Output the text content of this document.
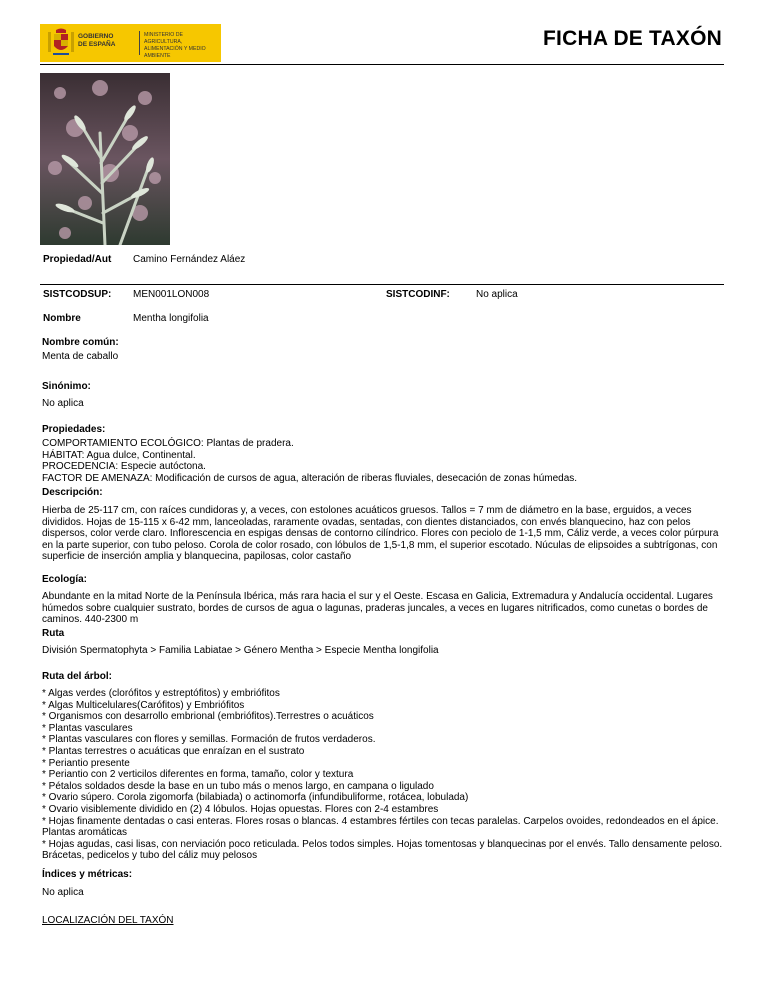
GOBIERNO
DE ESPAÑA
MINISTERIO DE AGRICULTURA, ALIMENTACIÓN Y MEDIO AMBIENTE
FICHA DE TAXÓN
Propiedad/Aut Camino Fernández Aláez
SISTCODSUP: MEN001LON008	SISTCODINF:	No aplica
Nombre	Mentha longifolia
Nombre común:
Menta de caballo
Sinónimo:
No aplica
Propiedades:
COMPORTAMIENTO ECOLÓGICO: Plantas de pradera.
HÁBITAT: Agua dulce, Continental.
PROCEDENCIA: Especie autóctona.
FACTOR DE AMENAZA: Modificación de cursos de agua, alteración de riberas fluviales, desecación de zonas húmedas.
Descripción:
Hierba de 25-117 cm, con raíces cundidoras y, a veces, con estolones acuáticos gruesos. Tallos = 7 mm de diámetro en la base, erguidos, a veces divididos. Hojas de 15-115 x 6-42 mm, lanceoladas, raramente ovadas, sentadas, con dientes distanciados, con envés blanquecino, haz con pelos dispersos, color verde claro. Inflorescencia en espigas densas de contorno cilíndrico. Flores con peciolo de 1-1,5 mm, Cáliz verde, a veces color púrpura en la parte superior, con tubo peloso. Corola de color rosado, con lóbulos de 1,5-1,8 mm, el superior escotado. Núculas de elipsoides a subtrígonas, con superficie de inserción amplia y blanquecina, papilosas, color castaño
Ecología:
Abundante en la mitad Norte de la Península Ibérica, más rara hacia el sur y el Oeste. Escasa en Galicia, Extremadura y Andalucía occidental. Lugares húmedos sobre cualquier sustrato, bordes de cursos de agua o lagunas, praderas juncales, a veces en lugares nitrificados, como cunetas o bordes de caminos. 440-2300 m
Ruta
División Spermatophyta > Familia Labiatae > Género Mentha > Especie Mentha longifolia
Ruta del árbol:
* Algas verdes (clorófitos y estreptófitos) y embriófitos
* Algas Multicelulares(Carófitos) y Embriófitos
* Organismos con desarrollo embrional (embriófitos).Terrestres o acuáticos
* Plantas vasculares
* Plantas vasculares con flores y semillas. Formación de frutos verdaderos.
* Plantas terrestres o acuáticas que enraízan en el sustrato
* Periantio presente
* Periantio con 2 verticilos diferentes en forma, tamaño, color y textura
* Pétalos soldados desde la base en un tubo más o menos largo, en campana o ligulado
* Ovario súpero. Corola zigomorfa (bilabiada) o actinomorfa (infundibuliforme, rotácea, lobulada)
* Ovario visiblemente dividido en (2) 4 lóbulos. Hojas opuestas. Flores con 2-4 estambres
* Hojas finamente dentadas o casi enteras. Flores rosas o blancas. 4 estambres fértiles con tecas paralelas. Carpelos ovoides, redondeados en el ápice. Plantas aromáticas
* Hojas agudas, casi lisas, con nerviación poco reticulada. Pelos todos simples. Hojas tomentosas y blanquecinas por el envés. Tallo densamente peloso. Brácetas, pedicelos y tubo del cáliz muy pelosos
Índices y métricas:
No aplica
LOCALIZACIÓN DEL TAXÓN
